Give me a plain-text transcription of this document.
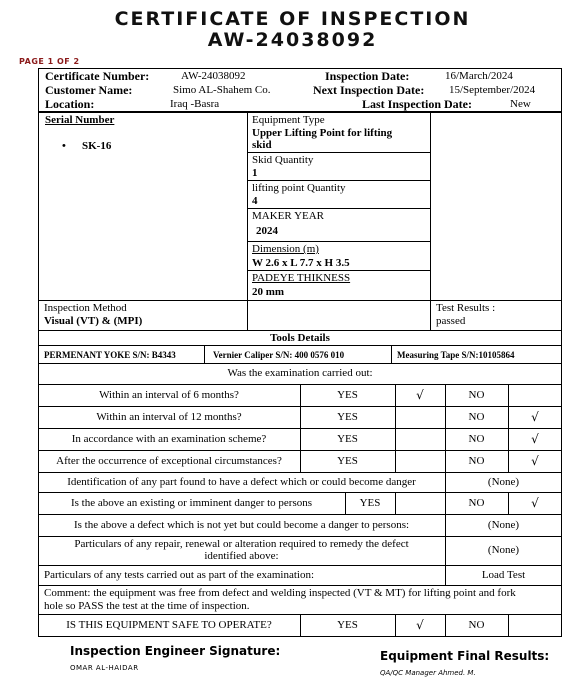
CERTIFICATE OF INSPECTION
AW-24038092
PAGE 1 OF 2
Certificate Number:	AW-24038092	Inspection Date:	16/March/2024
Customer Name:	Simo AL-Shahem Co.	Next Inspection Date: 15/September/2024
Location:	Iraq -Basra	Last Inspection Date:	New
Serial Number
• SK-16
Equipment Type
Upper Lifting Point for lifting
skid
Skid Quantity
1
lifting point Quantity
4
MAKER YEAR
2024
Dimension (m)
W 2.6 x L 7.7 x H 3.5
PADEYE THIKNESS
20 mm
Inspection Method
Visual (VT) & (MPI)
Test Results :
passed
Tools Details
PERMENANT YOKE S/N: B4343	Vernier Caliper S/N: 400 0576 010	Measuring Tape S/N:10105864
Was the examination carried out:
Within an interval of 6 months?	YES	√	NO
Within an interval of 12 months?	YES	NO	√
In accordance with an examination scheme?	YES	NO	√
After the occurrence of exceptional circumstances?	YES	NO	√
Identification of any part found to have a defect which or could become danger	(None)
Is the above an existing or imminent danger to persons	YES	NO	√
Is the above a defect which is not yet but could become a danger to persons:	(None)
Particulars of any repair, renewal or alteration required to remedy the defect
identified above:	(None)
Particulars of any tests carried out as part of the examination:	Load Test
Comment: the equipment was free from defect and welding inspected (VT & MT) for lifting point and fork
hole so PASS the test at the time of inspection.
IS THIS EQUIPMENT SAFE TO OPERATE?	YES	√	NO
Inspection Engineer Signature:
OMAR AL-HAIDAR
Equipment Final Results:
QA/QC Manager Ahmed. M.
